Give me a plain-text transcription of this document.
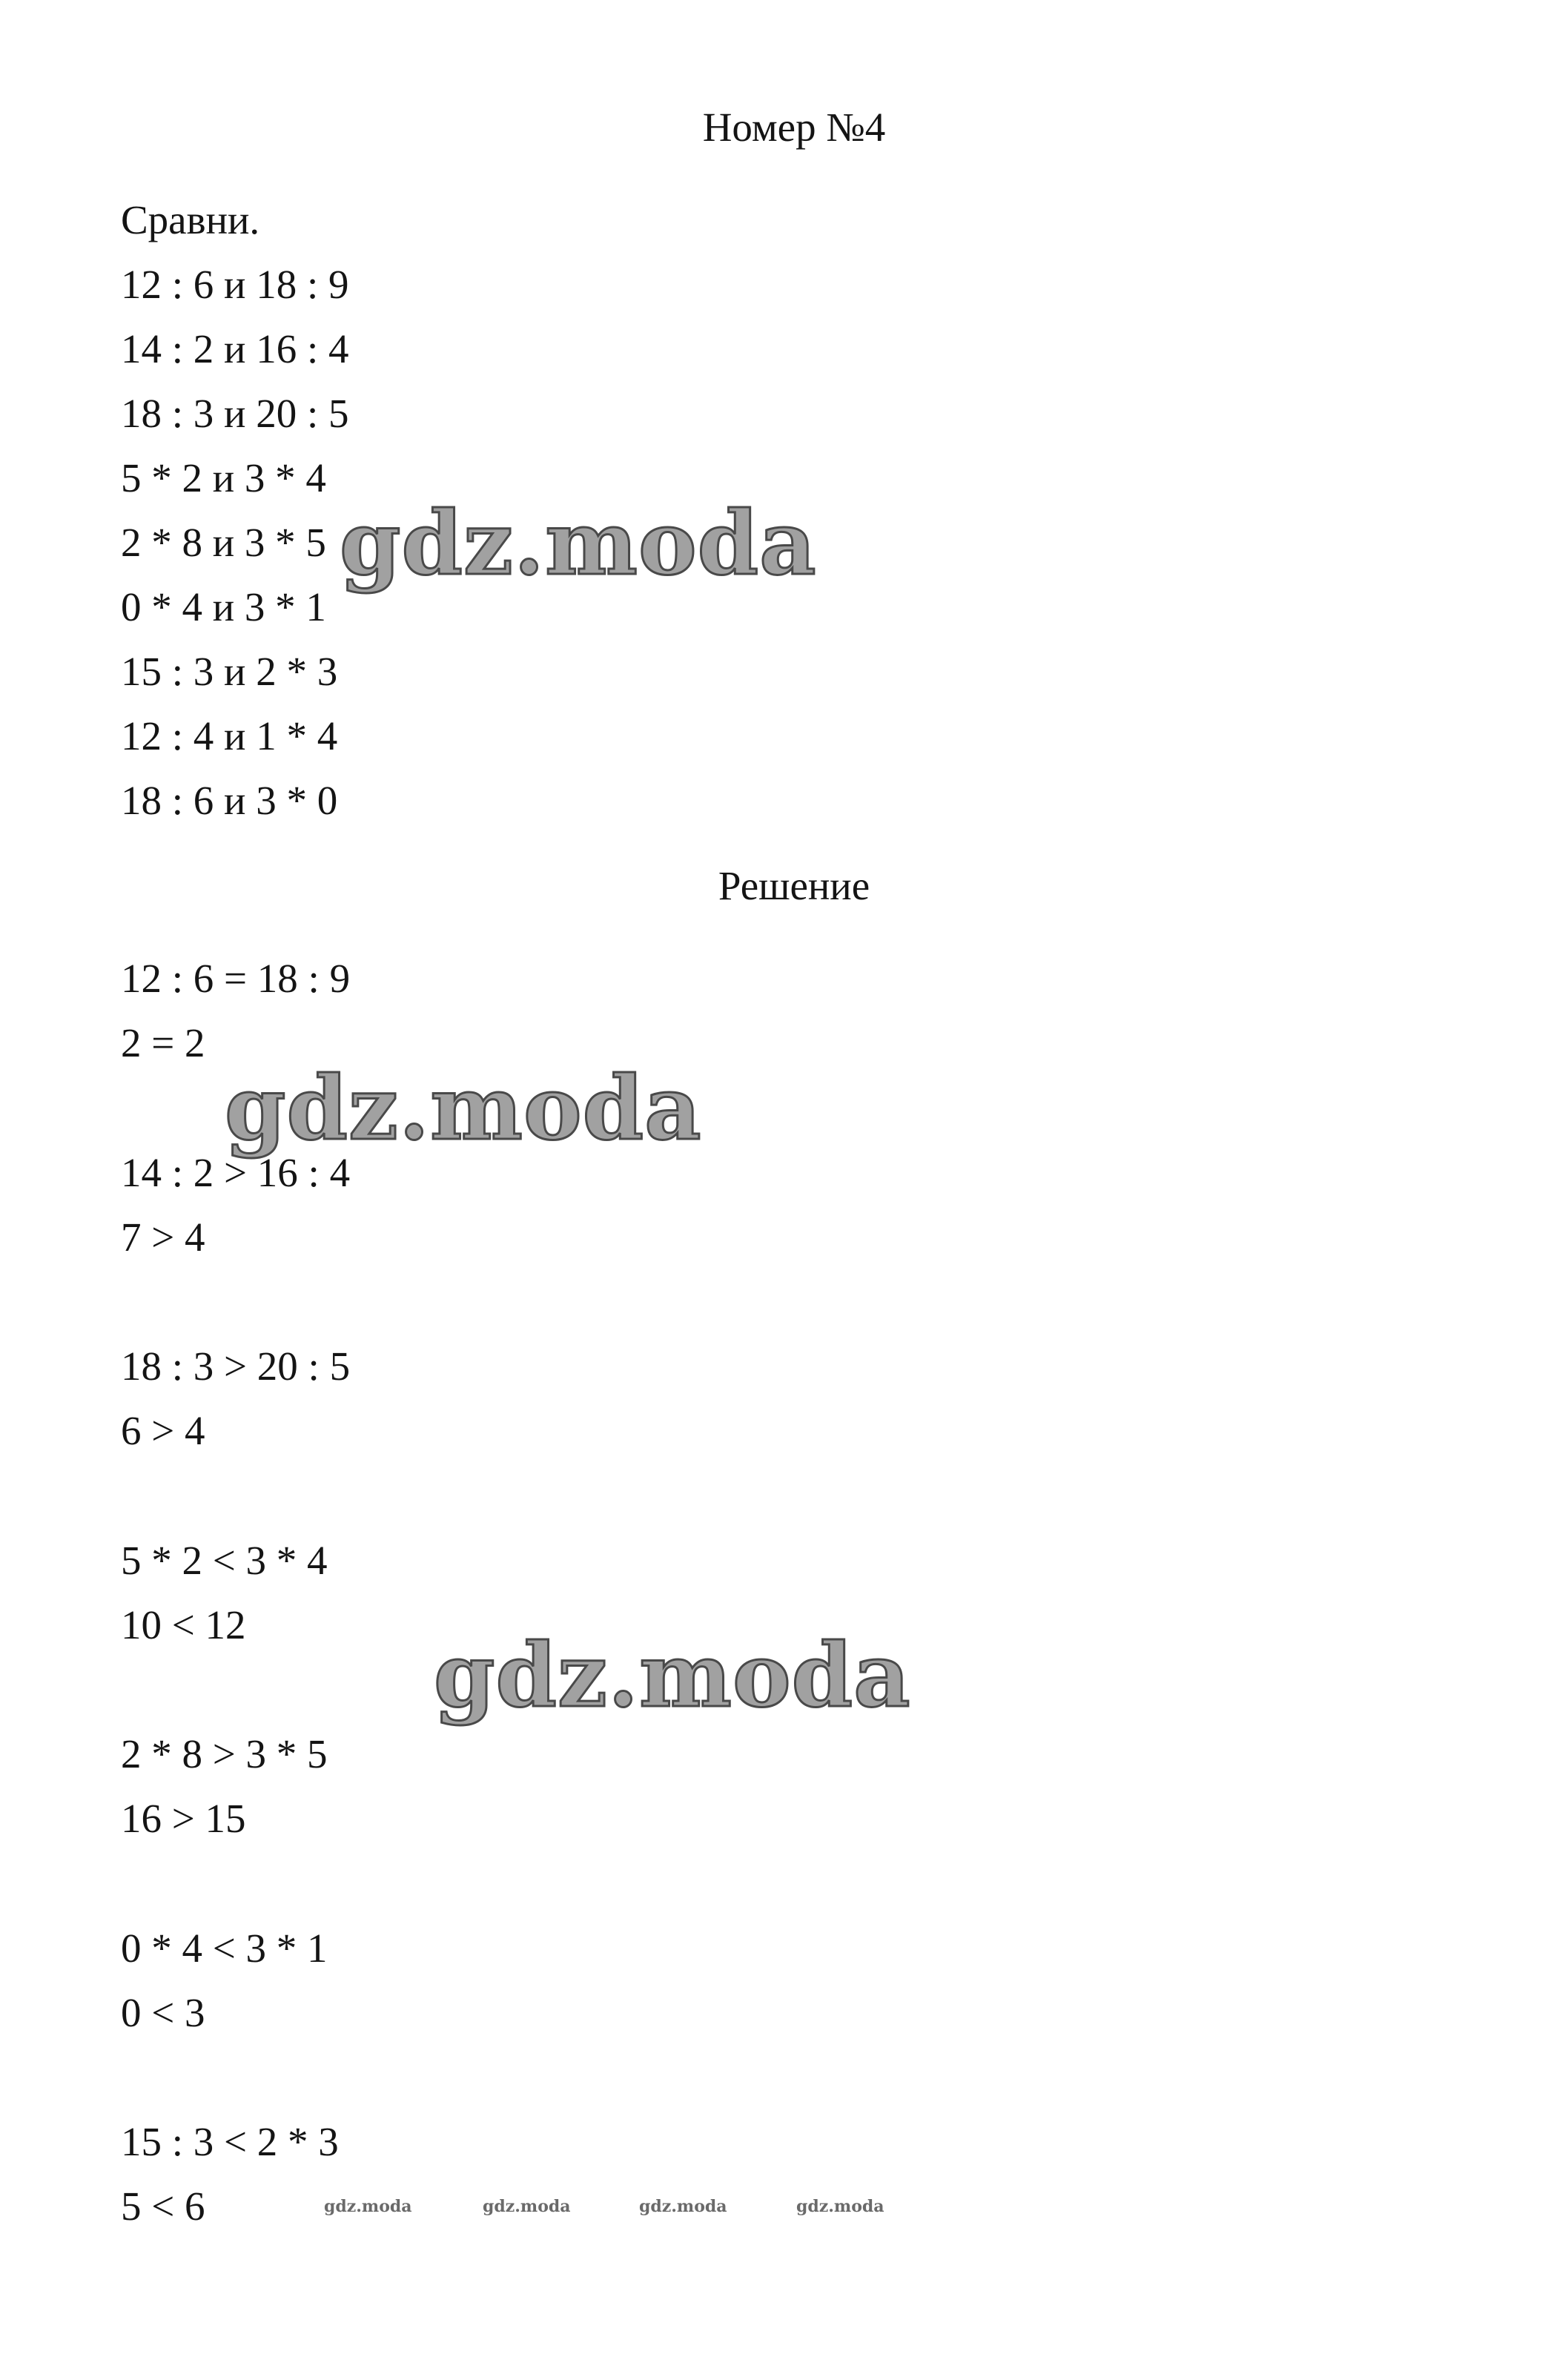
Номер №4
Сравни.
12 : 6 и 18 : 9
14 : 2 и 16 : 4
18 : 3 и 20 : 5
5 * 2 и 3 * 4
2 * 8 и 3 * 5
0 * 4 и 3 * 1
15 : 3 и 2 * 3
12 : 4 и 1 * 4
18 : 6 и 3 * 0
Решение
12 : 6 = 18 : 9
2 = 2
14 : 2 > 16 : 4
7 > 4
18 : 3 > 20 : 5
6 > 4
5 * 2 < 3 * 4
10 < 12
2 * 8 > 3 * 5
16 > 15
0 * 4 < 3 * 1
0 < 3
15 : 3 < 2 * 3
5 < 6
gdz.moda
gdz.moda
gdz.moda
gdz.moda	gdz.moda	gdz.moda	gdz.moda
